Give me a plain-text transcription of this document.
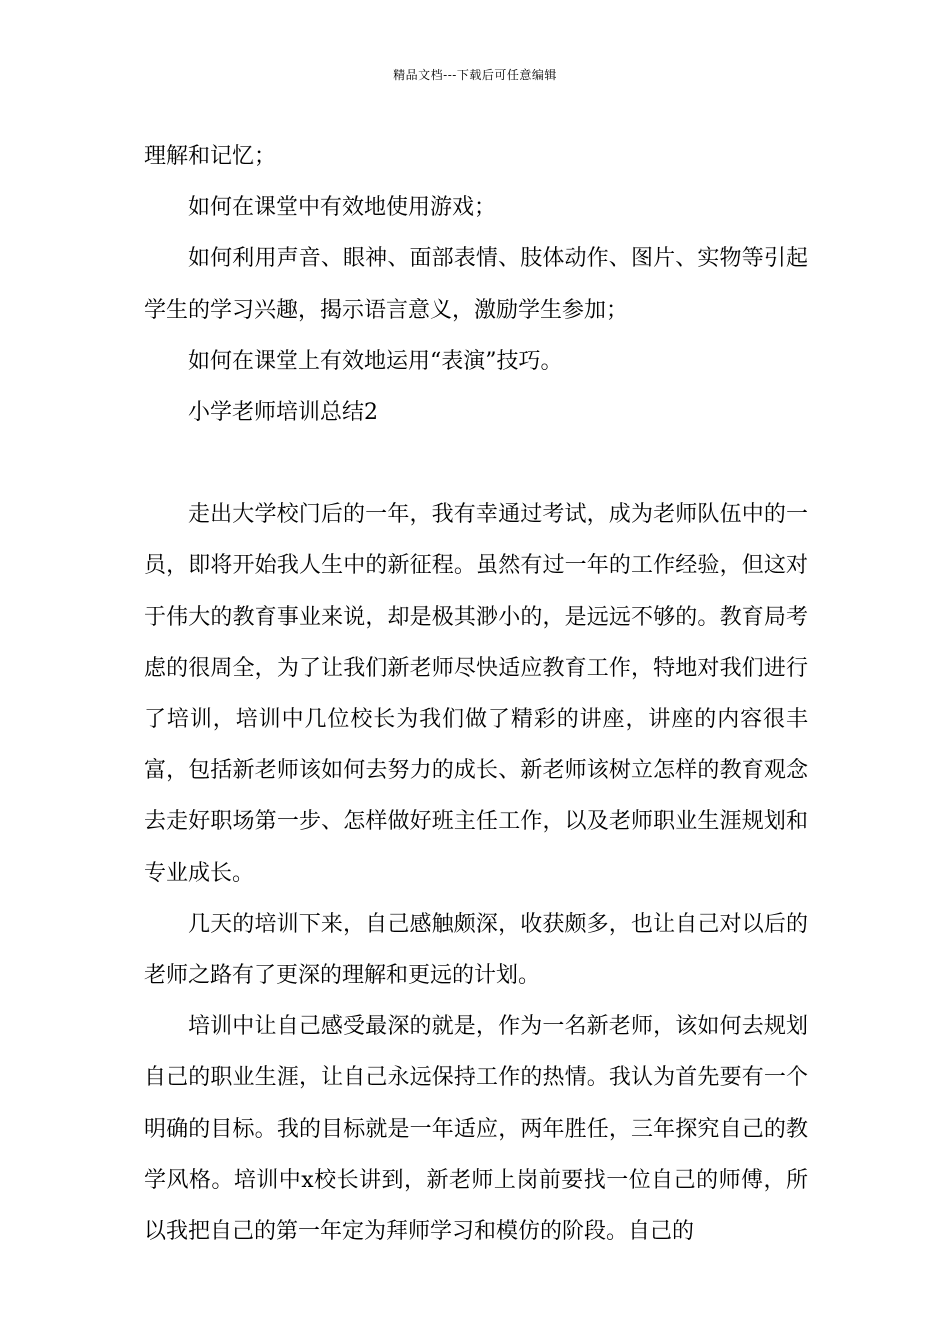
精品文档---下载后可任意编辑

理解和记忆；

如何在课堂中有效地使用游戏；

如何利用声音、眼神、面部表情、肢体动作、图片、实物等引起学生的学习兴趣，揭示语言意义，激励学生参加；

如何在课堂上有效地运用“表演”技巧。

小学老师培训总结2

走出大学校门后的一年，我有幸通过考试，成为老师队伍中的一员，即将开始我人生中的新征程。虽然有过一年的工作经验，但这对于伟大的教育事业来说，却是极其渺小的，是远远不够的。教育局考虑的很周全，为了让我们新老师尽快适应教育工作，特地对我们进行了培训，培训中几位校长为我们做了精彩的讲座，讲座的内容很丰富，包括新老师该如何去努力的成长、新老师该树立怎样的教育观念去走好职场第一步、怎样做好班主任工作，以及老师职业生涯规划和专业成长。

几天的培训下来，自己感触颇深，收获颇多，也让自己对以后的老师之路有了更深的理解和更远的计划。

培训中让自己感受最深的就是，作为一名新老师，该如何去规划自己的职业生涯，让自己永远保持工作的热情。我认为首先要有一个明确的目标。我的目标就是一年适应，两年胜任，三年探究自己的教学风格。培训中x校长讲到，新老师上岗前要找一位自己的师傅，所以我把自己的第一年定为拜师学习和模仿的阶段。自己的
